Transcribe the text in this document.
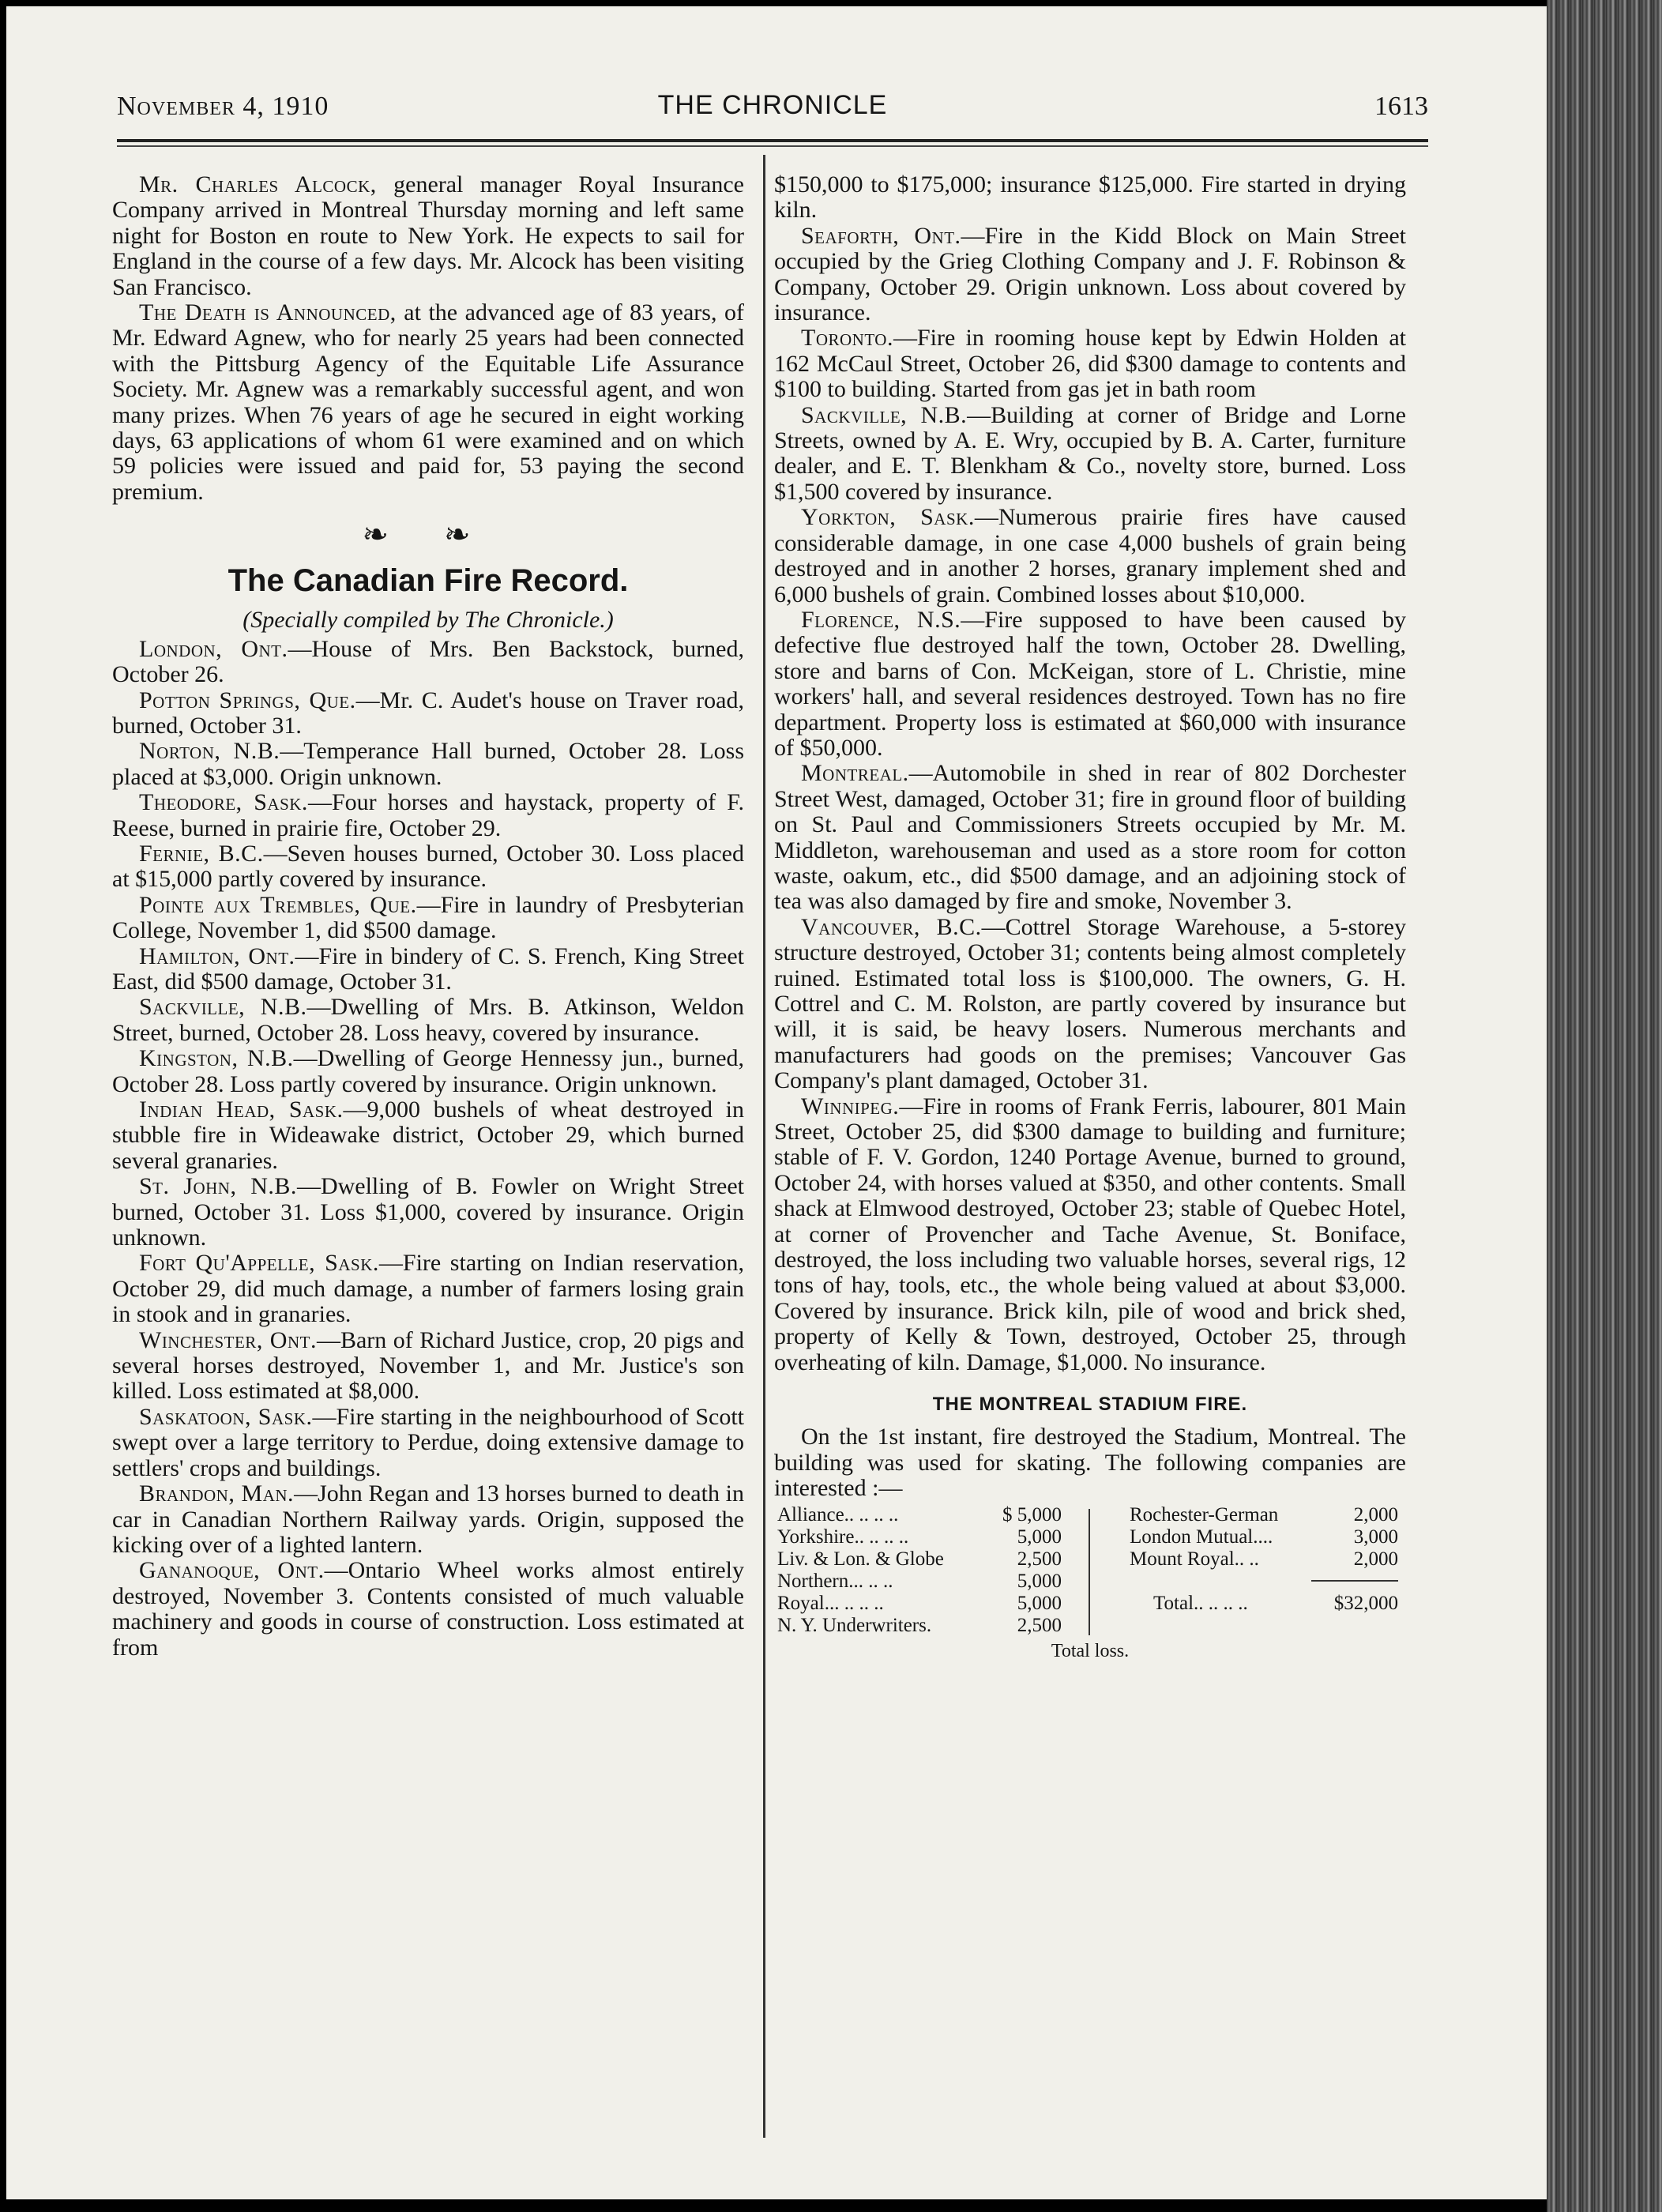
November 4, 1910	THE CHRONICLE	1613

Mr. Charles Alcock, general manager Royal Insurance Company arrived in Montreal Thursday morning and left same night for Boston en route to New York. He expects to sail for England in the course of a few days. Mr. Alcock has been visiting San Francisco.

The Death is Announced, at the advanced age of 83 years, of Mr. Edward Agnew, who for nearly 25 years had been connected with the Pittsburg Agency of the Equitable Life Assurance Society. Mr. Agnew was a remarkably successful agent, and won many prizes. When 76 years of age he secured in eight working days, 63 applications of whom 61 were examined and on which 59 policies were issued and paid for, 53 paying the second premium.

❧ ❧
The Canadian Fire Record.
(Specially compiled by The Chronicle.)

London, Ont.—House of Mrs. Ben Backstock, burned, October 26.

Potton Springs, Que.—Mr. C. Audet's house on Traver road, burned, October 31.

Norton, N.B.—Temperance Hall burned, October 28. Loss placed at $3,000. Origin unknown.

Theodore, Sask.—Four horses and haystack, property of F. Reese, burned in prairie fire, October 29.

Fernie, B.C.—Seven houses burned, October 30. Loss placed at $15,000 partly covered by insurance.

Pointe aux Trembles, Que.—Fire in laundry of Presbyterian College, November 1, did $500 damage.

Hamilton, Ont.—Fire in bindery of C. S. French, King Street East, did $500 damage, October 31.

Sackville, N.B.—Dwelling of Mrs. B. Atkinson, Weldon Street, burned, October 28. Loss heavy, covered by insurance.

Kingston, N.B.—Dwelling of George Hennessy jun., burned, October 28. Loss partly covered by insurance. Origin unknown.

Indian Head, Sask.—9,000 bushels of wheat destroyed in stubble fire in Wideawake district, October 29, which burned several granaries.

St. John, N.B.—Dwelling of B. Fowler on Wright Street burned, October 31. Loss $1,000, covered by insurance. Origin unknown.

Fort Qu'Appelle, Sask.—Fire starting on Indian reservation, October 29, did much damage, a number of farmers losing grain in stook and in granaries.

Winchester, Ont.—Barn of Richard Justice, crop, 20 pigs and several horses destroyed, November 1, and Mr. Justice's son killed. Loss estimated at $8,000.

Saskatoon, Sask.—Fire starting in the neighbourhood of Scott swept over a large territory to Perdue, doing extensive damage to settlers' crops and buildings.

Brandon, Man.—John Regan and 13 horses burned to death in car in Canadian Northern Railway yards. Origin, supposed the kicking over of a lighted lantern.

Gananoque, Ont.—Ontario Wheel works almost entirely destroyed, November 3. Contents consisted of much valuable machinery and goods in course of construction. Loss estimated at from

$150,000 to $175,000; insurance $125,000. Fire started in drying kiln.

Seaforth, Ont.—Fire in the Kidd Block on Main Street occupied by the Grieg Clothing Company and J. F. Robinson & Company, October 29. Origin unknown. Loss about covered by insurance.

Toronto.—Fire in rooming house kept by Edwin Holden at 162 McCaul Street, October 26, did $300 damage to contents and $100 to building. Started from gas jet in bath room

Sackville, N.B.—Building at corner of Bridge and Lorne Streets, owned by A. E. Wry, occupied by B. A. Carter, furniture dealer, and E. T. Blenkham & Co., novelty store, burned. Loss $1,500 covered by insurance.

Yorkton, Sask.—Numerous prairie fires have caused considerable damage, in one case 4,000 bushels of grain being destroyed and in another 2 horses, granary implement shed and 6,000 bushels of grain. Combined losses about $10,000.

Florence, N.S.—Fire supposed to have been caused by defective flue destroyed half the town, October 28. Dwelling, store and barns of Con. McKeigan, store of L. Christie, mine workers' hall, and several residences destroyed. Town has no fire department. Property loss is estimated at $60,000 with insurance of $50,000.

Montreal.—Automobile in shed in rear of 802 Dorchester Street West, damaged, October 31; fire in ground floor of building on St. Paul and Commissioners Streets occupied by Mr. M. Middleton, warehouseman and used as a store room for cotton waste, oakum, etc., did $500 damage, and an adjoining stock of tea was also damaged by fire and smoke, November 3.

Vancouver, B.C.—Cottrel Storage Warehouse, a 5-storey structure destroyed, October 31; contents being almost completely ruined. Estimated total loss is $100,000. The owners, G. H. Cottrel and C. M. Rolston, are partly covered by insurance but will, it is said, be heavy losers. Numerous merchants and manufacturers had goods on the premises; Vancouver Gas Company's plant damaged, October 31.

Winnipeg.—Fire in rooms of Frank Ferris, labourer, 801 Main Street, October 25, did $300 damage to building and furniture; stable of F. V. Gordon, 1240 Portage Avenue, burned to ground, October 24, with horses valued at $350, and other contents. Small shack at Elmwood destroyed, October 23; stable of Quebec Hotel, at corner of Provencher and Tache Avenue, St. Boniface, destroyed, the loss including two valuable horses, several rigs, 12 tons of hay, tools, etc., the whole being valued at about $3,000. Covered by insurance. Brick kiln, pile of wood and brick shed, property of Kelly & Town, destroyed, October 25, through overheating of kiln. Damage, $1,000. No insurance.

THE MONTREAL STADIUM FIRE.

On the 1st instant, fire destroyed the Stadium, Montreal. The building was used for skating. The following companies are interested :—

Alliance.. .. .. ..	$ 5,000
Yorkshire.. .. .. ..	5,000
Liv. & Lon. & Globe	2,500
Northern... .. ..	5,000
Royal... .. .. ..	5,000
N. Y. Underwriters.	2,500
Rochester-German	2,000
London Mutual....	3,000
Mount Royal.. ..	2,000
Total.. .. .. ..	$32,000
Total loss.
